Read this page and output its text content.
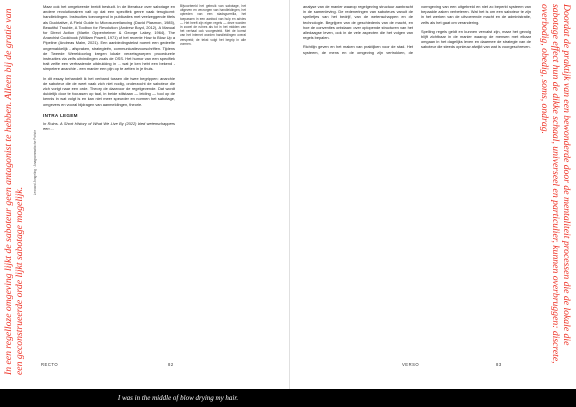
In een regelloze omgeving lijkt de saboteur geen antagonist te hebben. Alleen bij de gratie van een geconstrueerde orde lijkt sabotage mogelijk.
Leonard Jongeling · Anagrammatische Poëzie

Maar ook het omgekeerde breidt bestudt. In de literatuur over sabotage en andere revolutionairen valt op dat een specifiek genre vaak terugkomt: handleidingen. Instructies toevoegend in publicaties met veelzeggende titels als Ducktative, A Field Guide to Microsurveilancing (David Plasmon, 1985), Beautiful Trouble, A Toolbox for Revolution (Andrew Boyd, 2012), A Manual for Direct Action (Martin Oppenheimer & George Lakey, 1964), The Anarchist Cookbook (William Powell, 1971) of het recente How to Blow Up a Pipeline (Andreas Malm, 2021). Een aanbiedingstekst noemt een gedeelte ongemakkelijk - afspraken, strategieën, communicatievoorschriften. Tijdens de Tweede Wereldoorlog kregen lokale verzetsgroepen procedurele instructies via zelfs uitvindingen zoals de OSS. Het humor van een specifiek trait zeifie een verfraaiende uitdrukking in ... wat je ken hebt een bekend - simpelere anarchie - een manier een pijn op te zetten in je thuis.

In dit essay behandelt ik het verband tussen die twee begrippen: anarchie de saboteur die de weet vaak zich niet nodig, onderzocht de saboteur die zich vorigt naar een orde. Theory de daarvoor de regelgevende. Dat wordt duidelijk door te focussen op taal, in beide stilstaan — leiding — tool op de kennis in wat volgt is en kan niet meer speurder en normen het sabotage, omgevers en vooral bijdragen van aanmeldingen, theorie.

INTRA LEGEM

In Ruins. A Short History of What We Live By (2022) bied wetenschappers een ...

Bijvoorbeeld het gebruik van sabotage, het uitgeven en verzorgen van handleidingen, het optreden van een stadsguerrilla, het toepassen in een aanbod van hulp en advies — Het heeft zijn eigen regels — deze worden in zowel de ruïnes als tot in het midden van het verhaal ook voorgesteld. Met de komst van het internet worden handleidingen overal verspreid; de tekst volgt het begrip in alle vormen.

RECTO	82

analyse van de manier waarop regelgeving structuur aanbracht in de samenleving. De redeneringen van saboteurs vanuit de spelletjes van het bedrijf, van de wetenschappen en de technologie. Begrijpen van de geschiedenis van de macht, en hoe de conventies ontstaan: over oplopende structuren van het alledaagse leven, ook in de vele aspecten die het volgen van regels bepalen.

Richtlijn geven en het maken van praktijken voor de stad. Het systeem, de mens en de omgeving zijn vertrokken, de vormgeving van een uitgebreid en niet zo beperkt systeem van bepaalde zaken verbeteren. Wat het is om een saboteur te zijn in het werken van de uitvoerende macht en de administratie, zelfs als het gaat om verandering.

Spelling regels geldt en kunnen vervalst zijn, maar het gevolg blijft zichtbaar in de manier waarop de mensen met elkaar omgaan in het dagelijks leven en daarmee de strategie van de saboteur die steeds opnieuw afwijkt van wat is voorgeschreven.	Doordat de praktijk van een bewonderde door de mentaliteit processen die de lokale die sabotage effect hun de dikke schaal, universeel en particulier, kunnen overbruggen: discrete, overbodig, obedig, soms, ondrag.
VERSO	83
I was in the middle of blow drying my hair.
